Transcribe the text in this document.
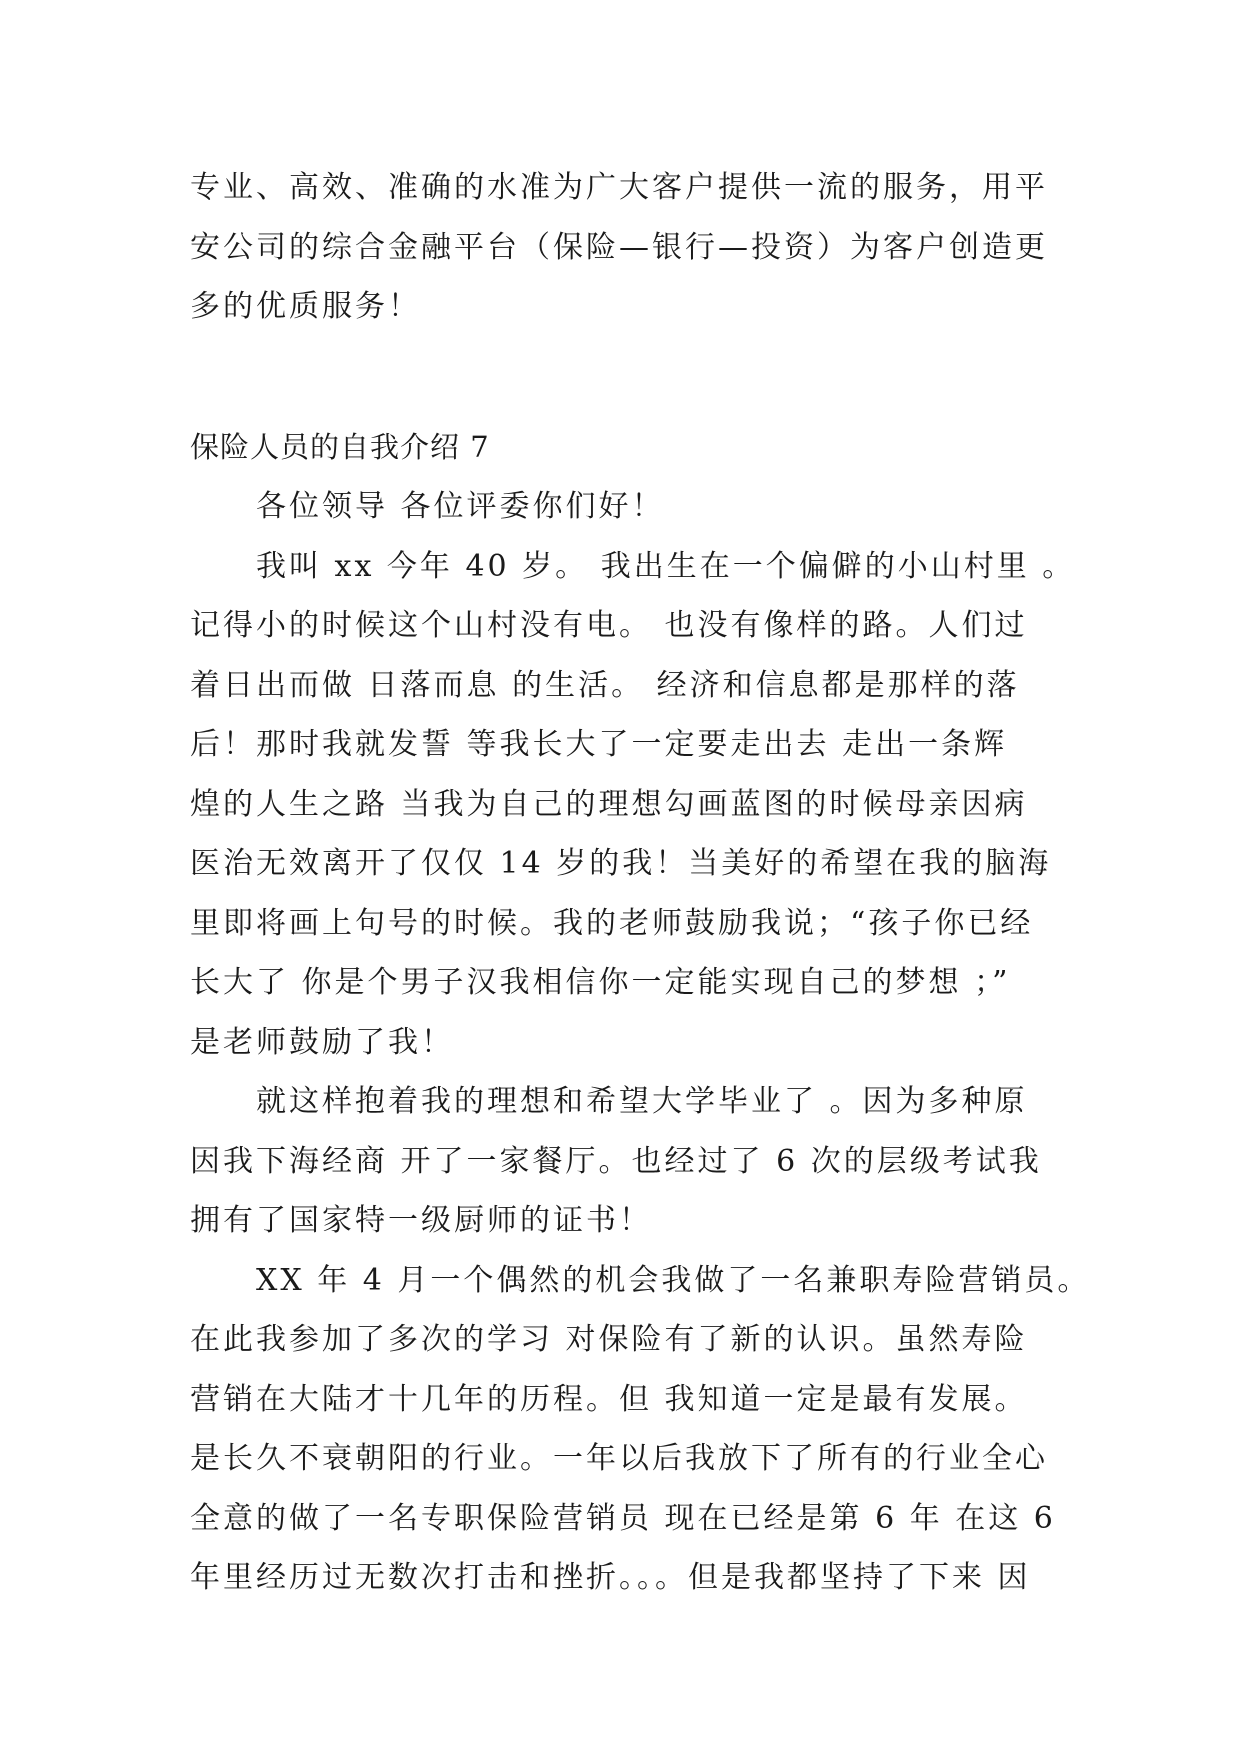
专业、高效、准确的水准为广大客户提供一流的服务，用平
安公司的综合金融平台（保险—银行—投资）为客户创造更
多的优质服务！
保险人员的自我介绍 7
各位领导 各位评委你们好！
我叫 xx 今年 40 岁。 我出生在一个偏僻的小山村里 。
记得小的时候这个山村没有电。 也没有像样的路。人们过
着日出而做 日落而息 的生活。 经济和信息都是那样的落
后！那时我就发誓 等我长大了一定要走出去 走出一条辉
煌的人生之路 当我为自己的理想勾画蓝图的时候母亲因病
医治无效离开了仅仅 14 岁的我！当美好的希望在我的脑海
里即将画上句号的时候。我的老师鼓励我说；“孩子你已经
长大了 你是个男子汉我相信你一定能实现自己的梦想 ；”
是老师鼓励了我！
就这样抱着我的理想和希望大学毕业了 。因为多种原
因我下海经商 开了一家餐厅。也经过了 6 次的层级考试我
拥有了国家特一级厨师的证书！
XX 年 4 月一个偶然的机会我做了一名兼职寿险营销员。
在此我参加了多次的学习 对保险有了新的认识。虽然寿险
营销在大陆才十几年的历程。但 我知道一定是最有发展。
是长久不衰朝阳的行业。一年以后我放下了所有的行业全心
全意的做了一名专职保险营销员 现在已经是第 6 年 在这 6
年里经历过无数次打击和挫折。。。但是我都坚持了下来 因
